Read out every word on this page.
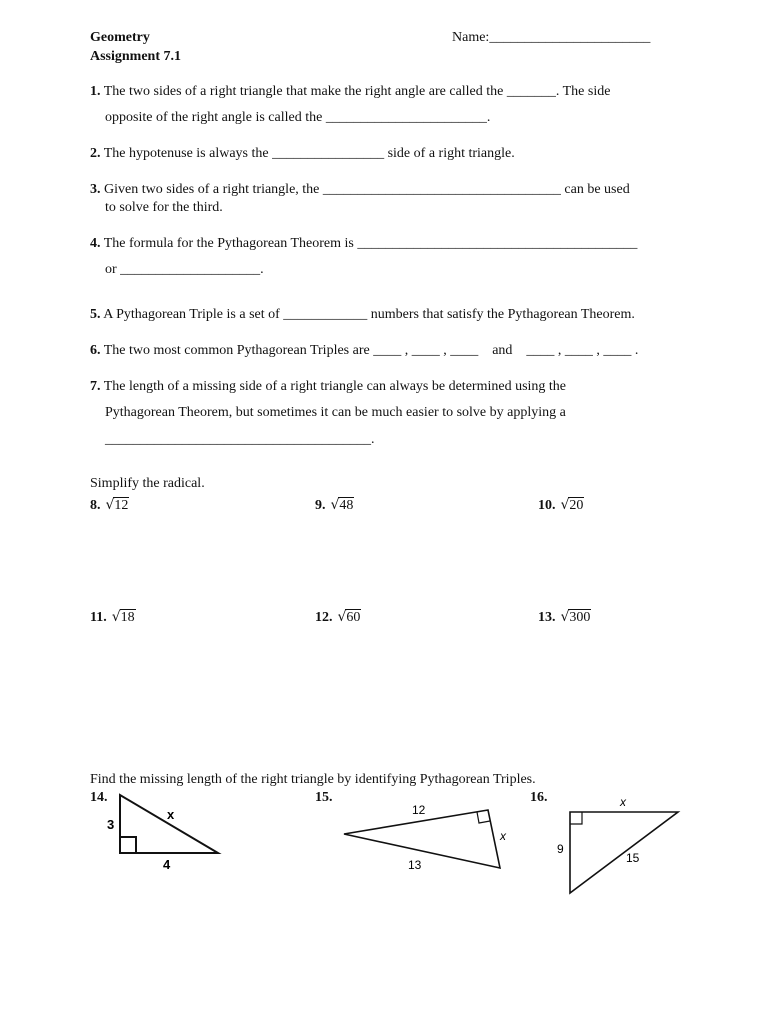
Geometry
Assignment 7.1
Name:_______________________
1. The two sides of a right triangle that make the right angle are called the _______. The side
opposite of the right angle is called the _______________________.
2. The hypotenuse is always the ________________ side of a right triangle.
3. Given two sides of a right triangle, the __________________________________ can be used
to solve for the third.
4. The formula for the Pythagorean Theorem is ________________________________________
or ____________________.
5. A Pythagorean Triple is a set of ____________ numbers that satisfy the Pythagorean Theorem.
6. The two most common Pythagorean Triples are ____ , ____ , ____    and    ____ , ____ , ____ .
7. The length of a missing side of a right triangle can always be determined using the
Pythagorean Theorem, but sometimes it can be much easier to solve by applying a
______________________________________.
Simplify the radical.
8. √12	9. √48	10. √20
11. √18	12. √60	13. √300
Find the missing length of the right triangle by identifying Pythagorean Triples.
14.	15.	16.
3
x
4
12
x
13
x
9
15
